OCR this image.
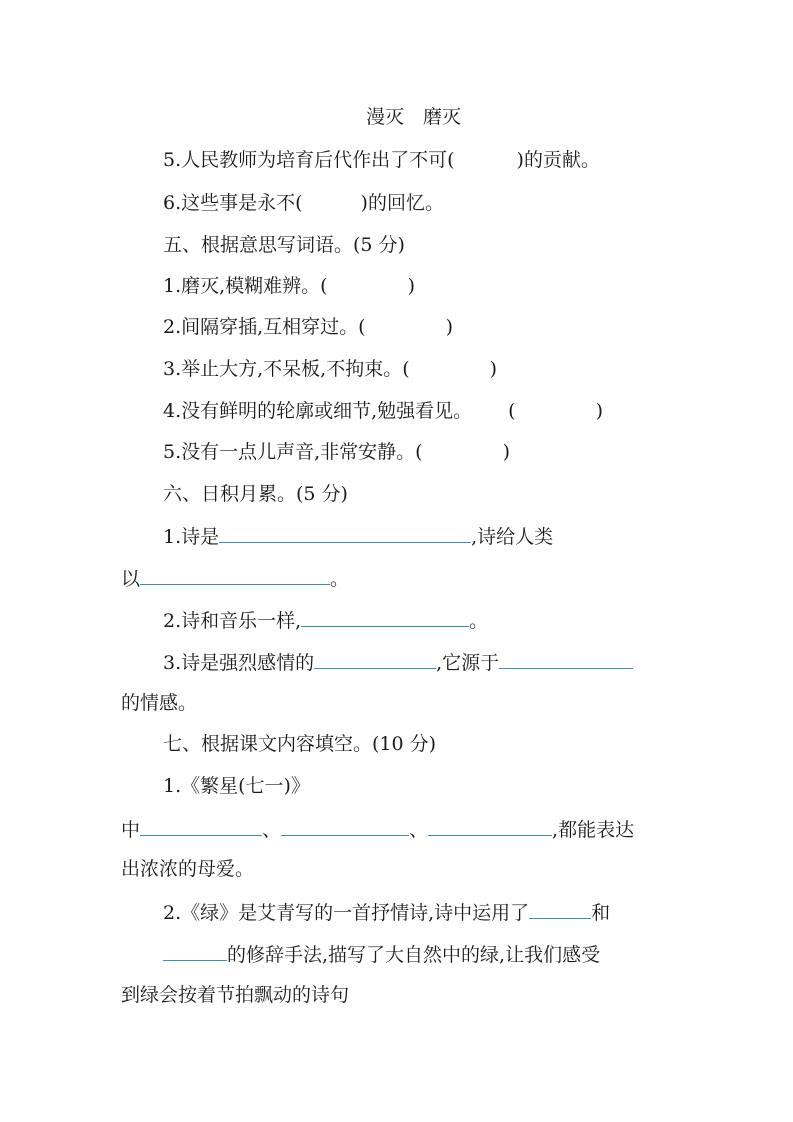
漫灭　磨灭
5.人民教师为培育后代作出了不可(	)的贡献。
6.这些事是永不(	)的回忆。
五、根据意思写词语。(5 分)
1.磨灭,模糊难辨。(	)
2.间隔穿插,互相穿过。(	)
3.举止大方,不呆板,不拘束。(	)
4.没有鲜明的轮廓或细节,勉强看见。 (	)
5.没有一点儿声音,非常安静。(	)
六、日积月累。(5 分)
1.诗是	,诗给人类
以	。
2.诗和音乐一样,	。
3.诗是强烈感情的	,它源于
的情感。
七、根据课文内容填空。(10 分)
1.《繁星(七一)》
中	、	、	,都能表达
出浓浓的母爱。
2.《绿》是艾青写的一首抒情诗,诗中运用了	和
的修辞手法,描写了大自然中的绿,让我们感受
到绿会按着节拍飘动的诗句
